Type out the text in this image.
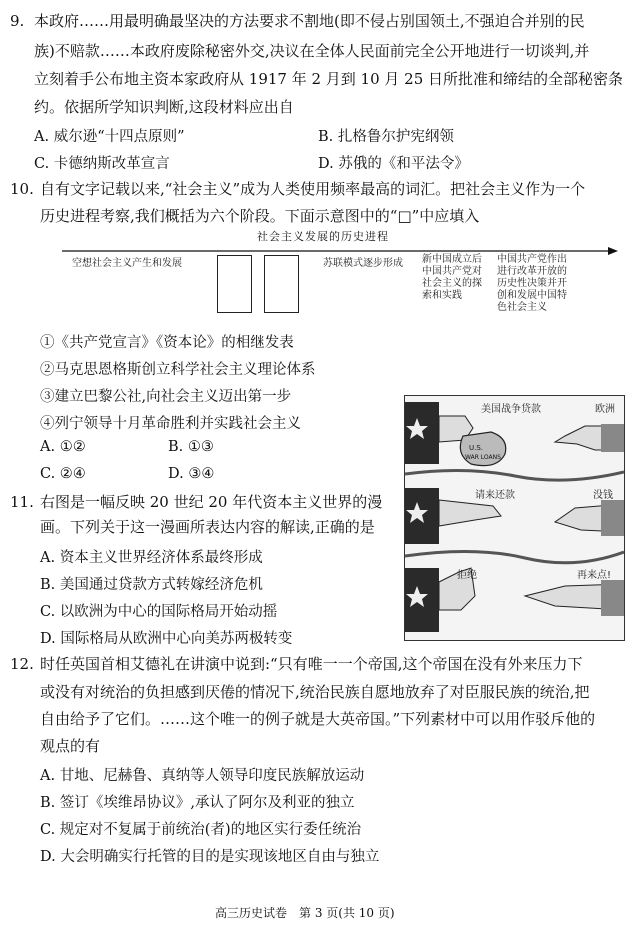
9. 本政府……用最明确最坚决的方法要求不割地(即不侵占别国领土,不强迫合并别的民
族)不赔款……本政府废除秘密外交,决议在全体人民面前完全公开地进行一切谈判,并
立刻着手公布地主资本家政府从 1917 年 2 月到 10 月 25 日所批准和缔结的全部秘密条
约。依据所学知识判断,这段材料应出自
A. 威尔逊“十四点原则”	B. 扎格鲁尔护宪纲领
C. 卡德纳斯改革宣言	D. 苏俄的《和平法令》
10. 自有文字记载以来,“社会主义”成为人类使用频率最高的词汇。把社会主义作为一个
历史进程考察,我们概括为六个阶段。下面示意图中的“□”中应填入
社会主义发展的历史进程
空想社会主义产生和发展	苏联模式逐步形成 新中国成立后
中国共产党对
社会主义的探
索和实践
中国共产党作出
进行改革开放的
历史性决策并开
创和发展中国特
色社会主义
①《共产党宣言》《资本论》的相继发表
②马克思恩格斯创立科学社会主义理论体系
③建立巴黎公社,向社会主义迈出第一步
④列宁领导十月革命胜利并实践社会主义
A. ①②	B. ①③
C. ②④	D. ③④
11. 右图是一幅反映 20 世纪 20 年代资本主义世界的漫
画。下列关于这一漫画所表达内容的解读,正确的是
A. 资本主义世界经济体系最终形成
B. 美国通过贷款方式转嫁经济危机
C. 以欧洲为中心的国际格局开始动摇
D. 国际格局从欧洲中心向美苏两极转变
U.S.
WAR LOANS
美国战争贷款	欧洲
请来还款	没钱
拒绝	再来点!
12. 时任英国首相艾德礼在讲演中说到:“只有唯一一个帝国,这个帝国在没有外来压力下
或没有对统治的负担感到厌倦的情况下,统治民族自愿地放弃了对臣服民族的统治,把
自由给予了它们。……这个唯一的例子就是大英帝国。”下列素材中可以用作驳斥他的
观点的有
A. 甘地、尼赫鲁、真纳等人领导印度民族解放运动
B. 签订《埃维昂协议》,承认了阿尔及利亚的独立
C. 规定对不复属于前统治(者)的地区实行委任统治
D. 大会明确实行托管的目的是实现该地区自由与独立
高三历史试卷　第 3 页(共 10 页)
